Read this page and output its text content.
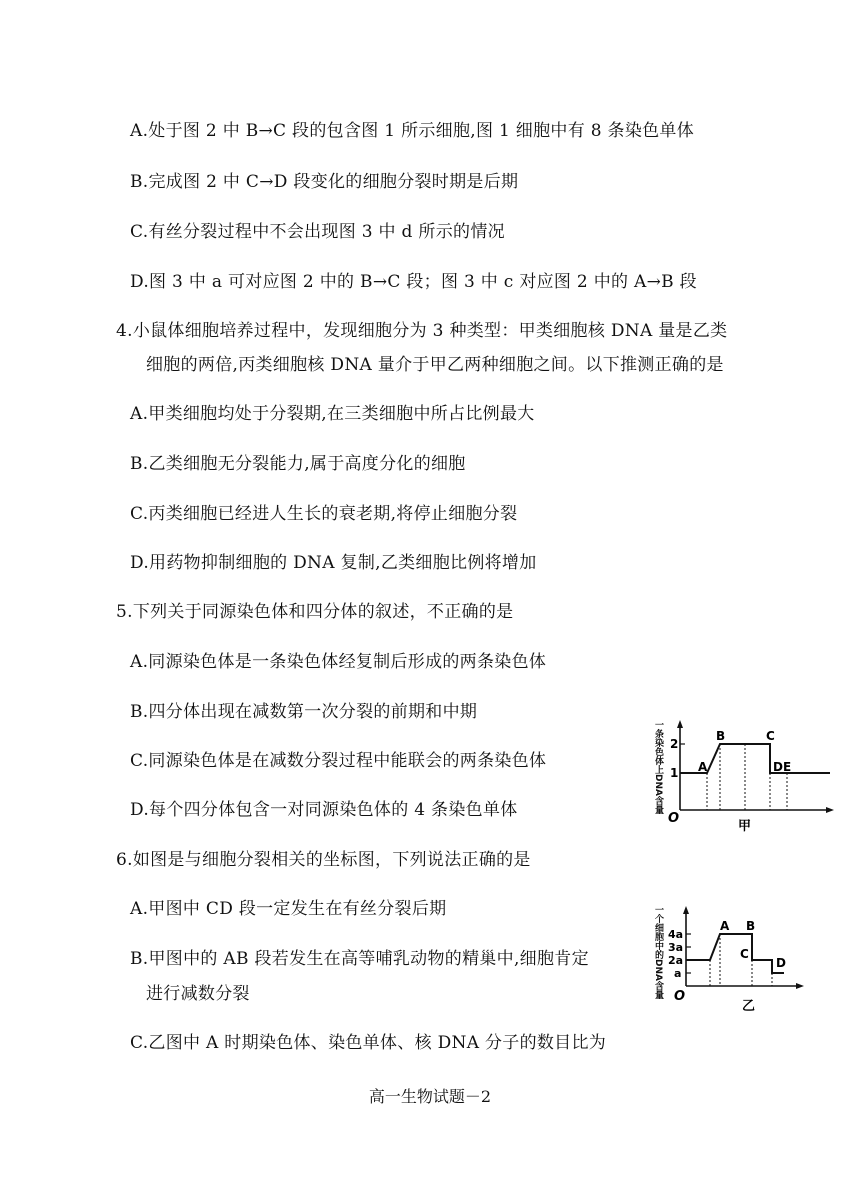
A.处于图 2 中 B→C 段的包含图 1 所示细胞,图 1 细胞中有 8 条染色单体
B.完成图 2 中 C→D 段变化的细胞分裂时期是后期
C.有丝分裂过程中不会出现图 3 中 d 所示的情况
D.图 3 中 a 可对应图 2 中的 B→C 段；图 3 中 c 对应图 2 中的 A→B 段
4.小鼠体细胞培养过程中，发现细胞分为 3 种类型：甲类细胞核 DNA 量是乙类
细胞的两倍,丙类细胞核 DNA 量介于甲乙两种细胞之间。以下推测正确的是
A.甲类细胞均处于分裂期,在三类细胞中所占比例最大
B.乙类细胞无分裂能力,属于高度分化的细胞
C.丙类细胞已经进人生长的衰老期,将停止细胞分裂
D.用药物抑制细胞的 DNA 复制,乙类细胞比例将增加
5.下列关于同源染色体和四分体的叙述，不正确的是
A.同源染色体是一条染色体经复制后形成的两条染色体
B.四分体出现在减数第一次分裂的前期和中期
C.同源染色体是在减数分裂过程中能联会的两条染色体
D.每个四分体包含一对同源染色体的 4 条染色单体
6.如图是与细胞分裂相关的坐标图，下列说法正确的是
A.甲图中 CD 段一定发生在有丝分裂后期
B.甲图中的 AB 段若发生在高等哺乳动物的精巢中,细胞肯定
进行减数分裂
C.乙图中 A 时期染色体、染色单体、核 DNA 分子的数目比为
一条染色体上DNA含量 2
1
O
A
B	C
D E
甲
一个细胞中的DNA含量 4a
3a
2a
a
O
A B
C
D
乙
高一生物试题－2
